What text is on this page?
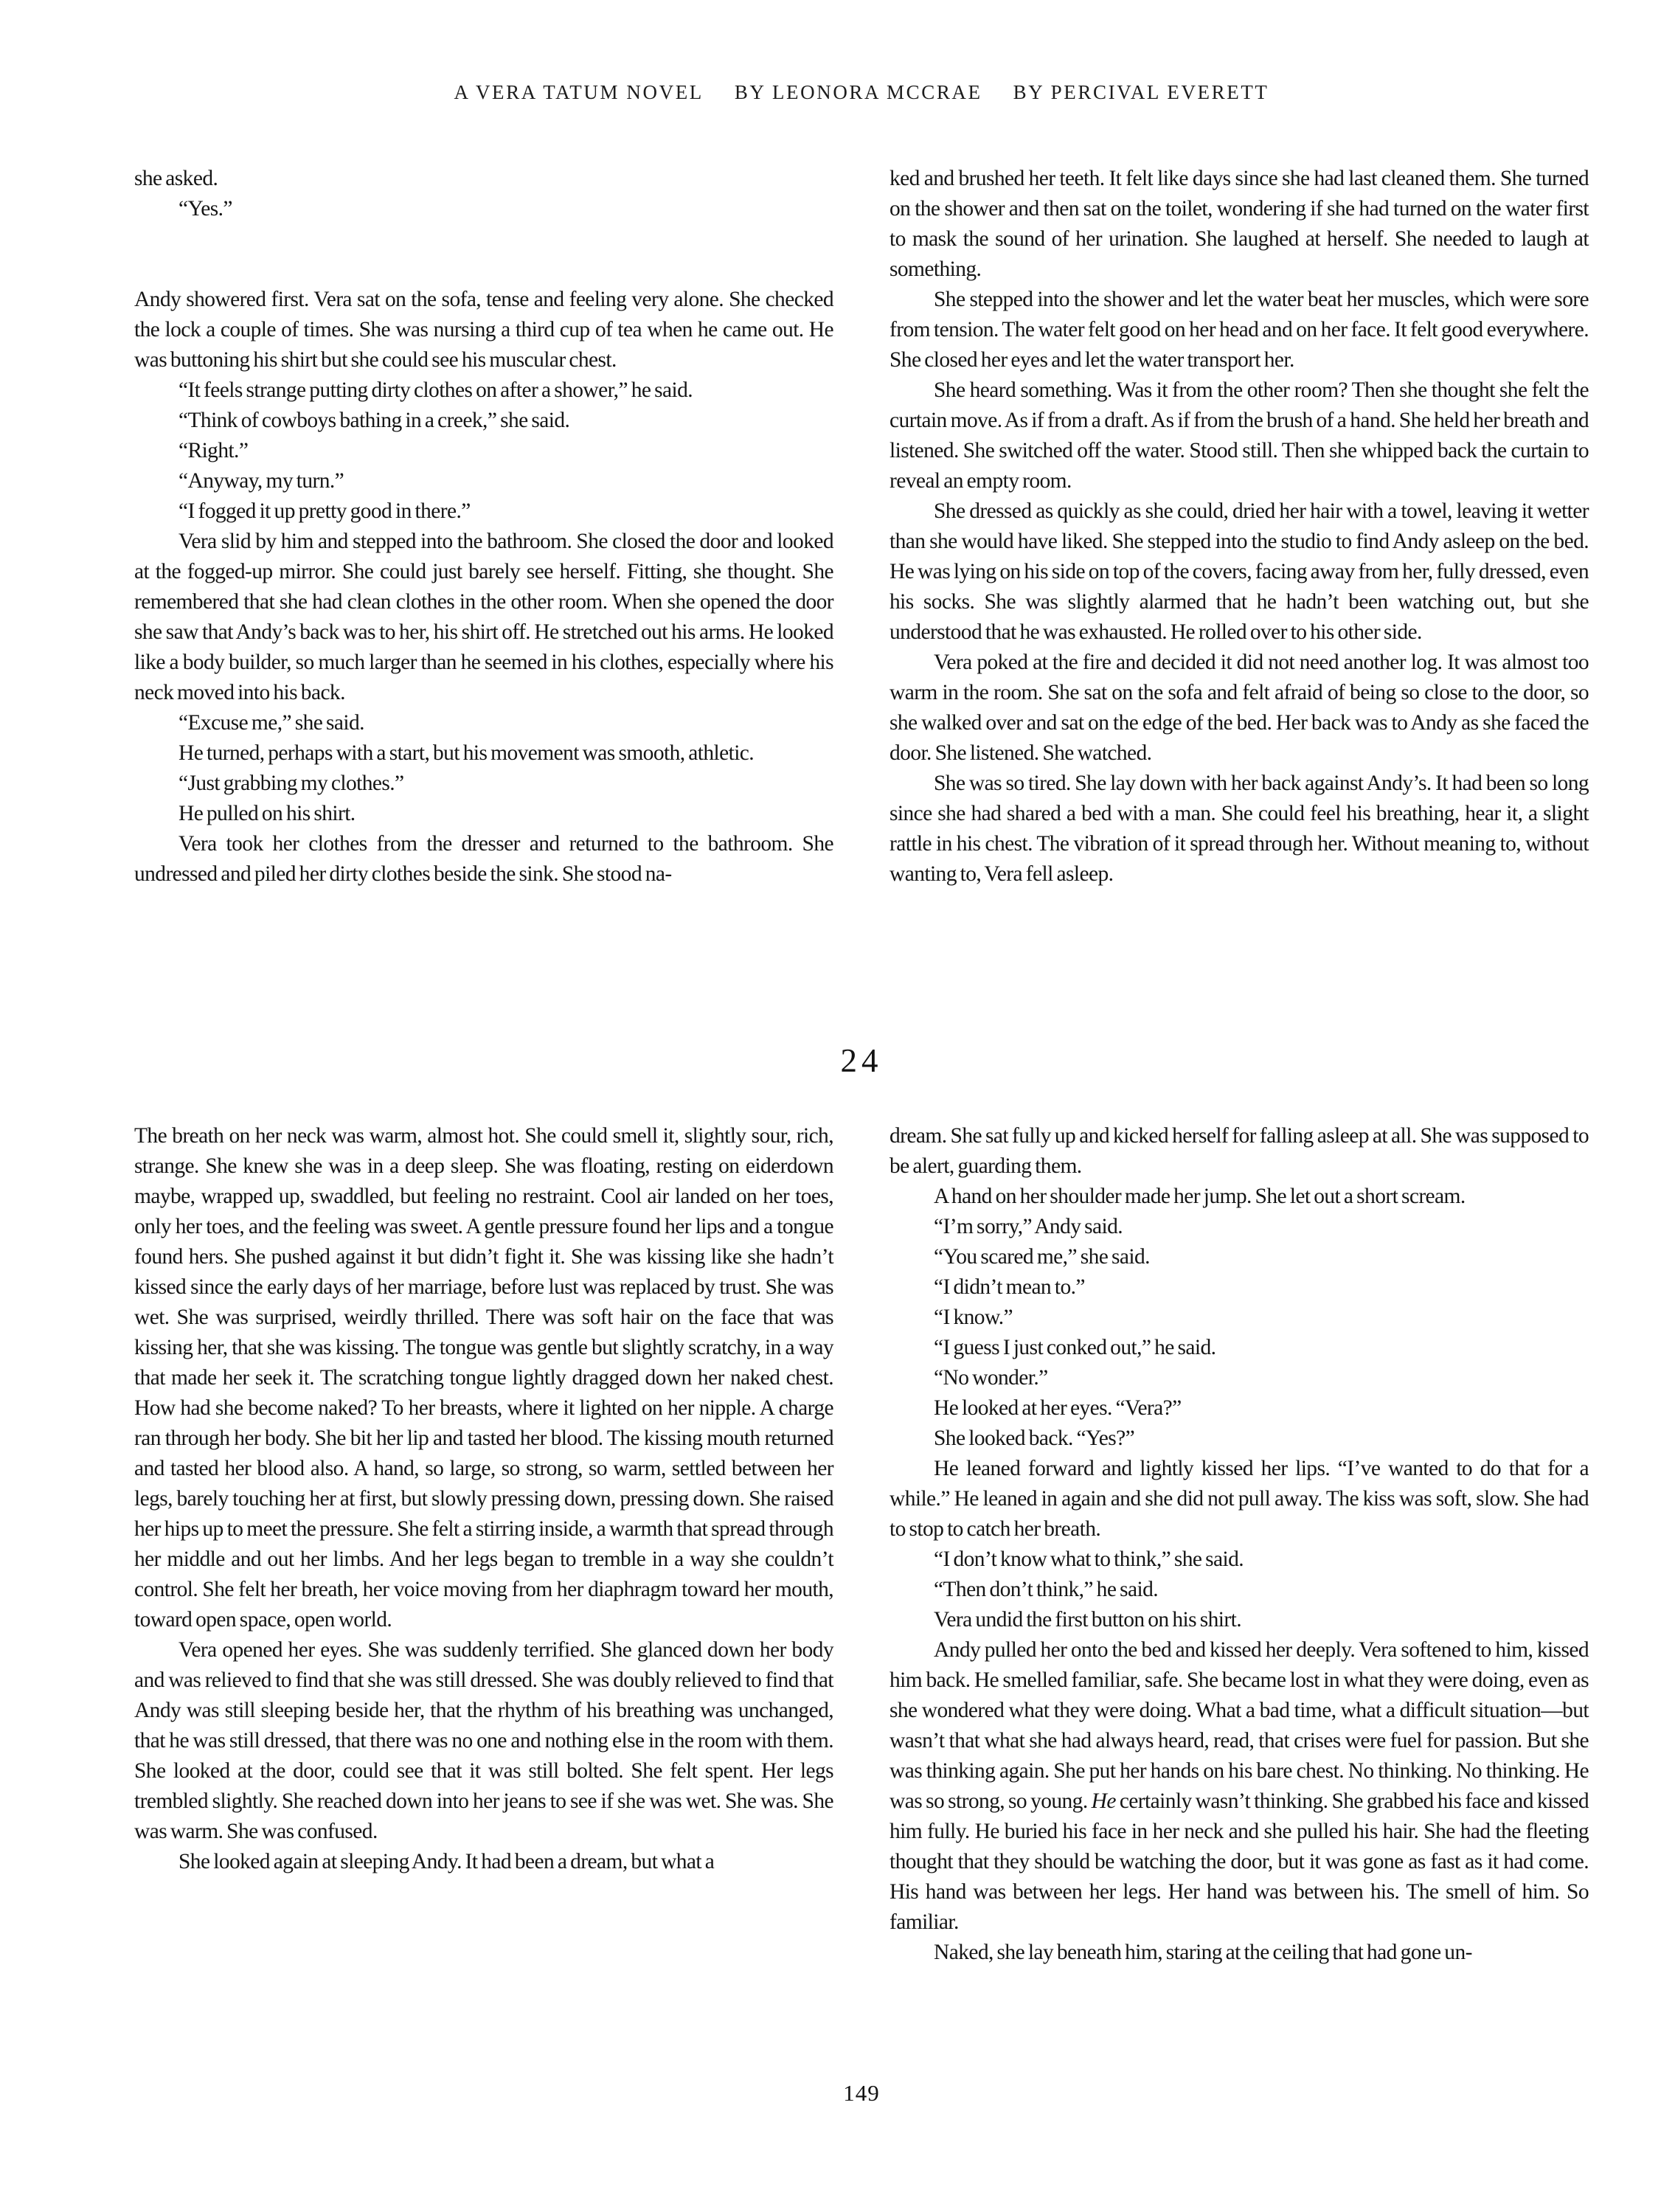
A VERA TATUM NOVEL BY LEONORA MCCRAE BY PERCIVAL EVERETT

she asked.

“Yes.”

Andy showered first. Vera sat on the sofa, tense and feeling very alone. She checked the lock a couple of times. She was nursing a third cup of tea when he came out. He was buttoning his shirt but she could see his muscular chest.

“It feels strange putting dirty clothes on after a shower,” he said.

“Think of cowboys bathing in a creek,” she said.

“Right.”

“Anyway, my turn.”

“I fogged it up pretty good in there.”

Vera slid by him and stepped into the bathroom. She closed the door and looked at the fogged-up mirror. She could just barely see herself. Fitting, she thought. She remembered that she had clean clothes in the other room. When she opened the door she saw that Andy’s back was to her, his shirt off. He stretched out his arms. He looked like a body builder, so much larger than he seemed in his clothes, especially where his neck moved into his back.

“Excuse me,” she said.

He turned, perhaps with a start, but his movement was smooth, athletic.

“Just grabbing my clothes.”

He pulled on his shirt.

Vera took her clothes from the dresser and returned to the bathroom. She undressed and piled her dirty clothes beside the sink. She stood na-

ked and brushed her teeth. It felt like days since she had last cleaned them. She turned on the shower and then sat on the toilet, wondering if she had turned on the water first to mask the sound of her urination. She laughed at herself. She needed to laugh at something.

She stepped into the shower and let the water beat her muscles, which were sore from tension. The water felt good on her head and on her face. It felt good everywhere. She closed her eyes and let the water transport her.

She heard something. Was it from the other room? Then she thought she felt the curtain move. As if from a draft. As if from the brush of a hand. She held her breath and listened. She switched off the water. Stood still. Then she whipped back the curtain to reveal an empty room.

She dressed as quickly as she could, dried her hair with a towel, leaving it wetter than she would have liked. She stepped into the studio to find Andy asleep on the bed. He was lying on his side on top of the covers, facing away from her, fully dressed, even his socks. She was slightly alarmed that he hadn’t been watching out, but she understood that he was exhausted. He rolled over to his other side.

Vera poked at the fire and decided it did not need another log. It was almost too warm in the room. She sat on the sofa and felt afraid of being so close to the door, so she walked over and sat on the edge of the bed. Her back was to Andy as she faced the door. She listened. She watched.

She was so tired. She lay down with her back against Andy’s. It had been so long since she had shared a bed with a man. She could feel his breathing, hear it, a slight rattle in his chest. The vibration of it spread through her. Without meaning to, without wanting to, Vera fell asleep.

24

The breath on her neck was warm, almost hot. She could smell it, slightly sour, rich, strange. She knew she was in a deep sleep. She was floating, resting on eiderdown maybe, wrapped up, swaddled, but feeling no restraint. Cool air landed on her toes, only her toes, and the feeling was sweet. A gentle pressure found her lips and a tongue found hers. She pushed against it but didn’t fight it. She was kissing like she hadn’t kissed since the early days of her marriage, before lust was replaced by trust. She was wet. She was surprised, weirdly thrilled. There was soft hair on the face that was kissing her, that she was kissing. The tongue was gentle but slightly scratchy, in a way that made her seek it. The scratching tongue lightly dragged down her naked chest. How had she become naked? To her breasts, where it lighted on her nipple. A charge ran through her body. She bit her lip and tasted her blood. The kissing mouth returned and tasted her blood also. A hand, so large, so strong, so warm, settled between her legs, barely touching her at first, but slowly pressing down, pressing down. She raised her hips up to meet the pressure. She felt a stirring inside, a warmth that spread through her middle and out her limbs. And her legs began to tremble in a way she couldn’t control. She felt her breath, her voice moving from her diaphragm toward her mouth, toward open space, open world.

Vera opened her eyes. She was suddenly terrified. She glanced down her body and was relieved to find that she was still dressed. She was doubly relieved to find that Andy was still sleeping beside her, that the rhythm of his breathing was unchanged, that he was still dressed, that there was no one and nothing else in the room with them. She looked at the door, could see that it was still bolted. She felt spent. Her legs trembled slightly. She reached down into her jeans to see if she was wet. She was. She was warm. She was confused.

She looked again at sleeping Andy. It had been a dream, but what a

dream. She sat fully up and kicked herself for falling asleep at all. She was supposed to be alert, guarding them.

A hand on her shoulder made her jump. She let out a short scream.

“I’m sorry,” Andy said.

“You scared me,” she said.

“I didn’t mean to.”

“I know.”

“I guess I just conked out,” he said.

“No wonder.”

He looked at her eyes. “Vera?”

She looked back. “Yes?”

He leaned forward and lightly kissed her lips. “I’ve wanted to do that for a while.” He leaned in again and she did not pull away. The kiss was soft, slow. She had to stop to catch her breath.

“I don’t know what to think,” she said.

“Then don’t think,” he said.

Vera undid the first button on his shirt.

Andy pulled her onto the bed and kissed her deeply. Vera softened to him, kissed him back. He smelled familiar, safe. She became lost in what they were doing, even as she wondered what they were doing. What a bad time, what a difficult situation—but wasn’t that what she had always heard, read, that crises were fuel for passion. But she was thinking again. She put her hands on his bare chest. No thinking. No thinking. He was so strong, so young. He certainly wasn’t thinking. She grabbed his face and kissed him fully. He buried his face in her neck and she pulled his hair. She had the fleeting thought that they should be watching the door, but it was gone as fast as it had come. His hand was between her legs. Her hand was between his. The smell of him. So familiar.

Naked, she lay beneath him, staring at the ceiling that had gone un-

149
